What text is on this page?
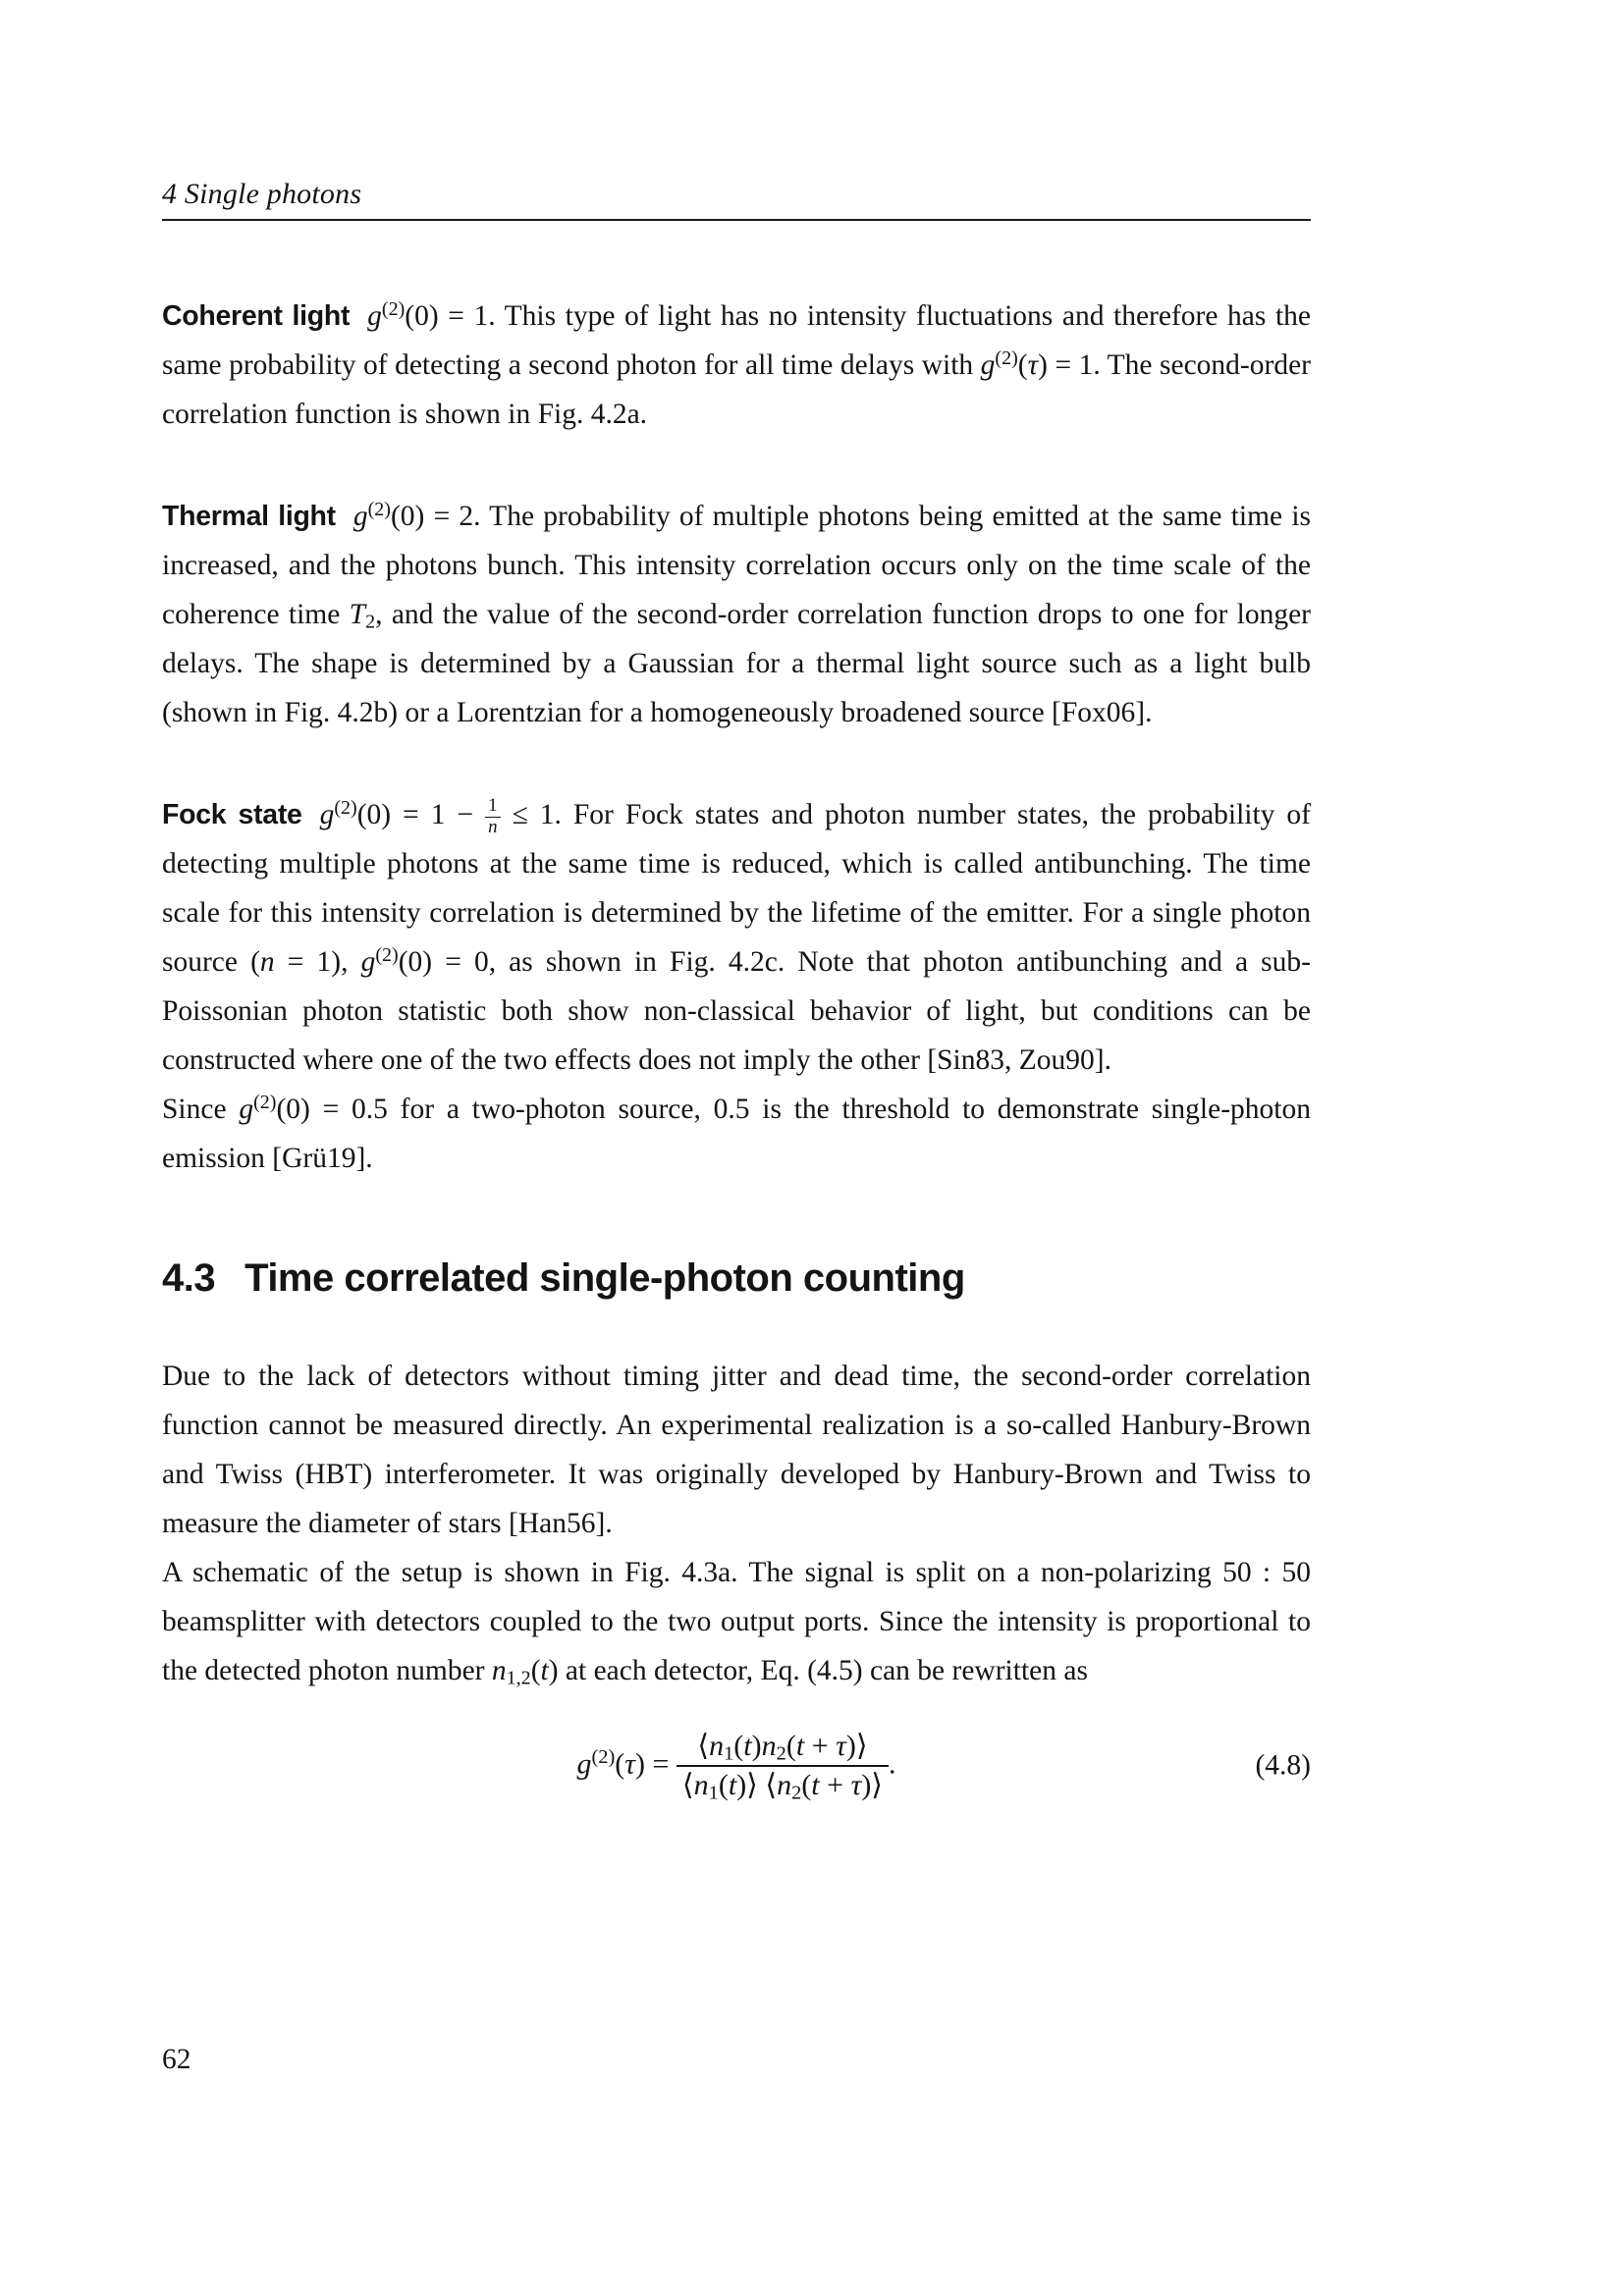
4 Single photons

Coherent light $g^{(2)}(0) = 1$. This type of light has no intensity fluctuations and therefore has the same probability of detecting a second photon for all time delays with $g^{(2)}(\tau) = 1$. The second-order correlation function is shown in Fig. 4.2a.

Thermal light $g^{(2)}(0) = 2$. The probability of multiple photons being emitted at the same time is increased, and the photons bunch. This intensity correlation occurs only on the time scale of the coherence time $T_2$, and the value of the second-order correlation function drops to one for longer delays. The shape is determined by a Gaussian for a thermal light source such as a light bulb (shown in Fig. 4.2b) or a Lorentzian for a homogeneously broadened source [Fox06].

Fock state $g^{(2)}(0) = 1 - \frac{1}{n} \le 1$. For Fock states and photon number states, the probability of detecting multiple photons at the same time is reduced, which is called antibunching. The time scale for this intensity correlation is determined by the lifetime of the emitter. For a single photon source (n = 1), $g^{(2)}(0) = 0$, as shown in Fig. 4.2c. Note that photon antibunching and a sub-Poissonian photon statistic both show non-classical behavior of light, but conditions can be constructed where one of the two effects does not imply the other [Sin83, Zou90].

Since $g^{(2)}(0) = 0.5$ for a two-photon source, 0.5 is the threshold to demonstrate single-photon emission [Grü19].

4.3 Time correlated single-photon counting

Due to the lack of detectors without timing jitter and dead time, the second-order correlation function cannot be measured directly. An experimental realization is a so-called Hanbury-Brown and Twiss (HBT) interferometer. It was originally developed by Hanbury-Brown and Twiss to measure the diameter of stars [Han56].

A schematic of the setup is shown in Fig. 4.3a. The signal is split on a non-polarizing 50 : 50 beamsplitter with detectors coupled to the two output ports. Since the intensity is proportional to the detected photon number $n_{1,2}(t)$ at each detector, Eq. (4.5) can be rewritten as

$g^{(2)}(\tau) = \frac{⟨n_1(t)n_2(t + \tau)⟩}{⟨n_1(t)⟩ ⟨n_2(t + \tau)⟩}$ .	(4.8)
62
